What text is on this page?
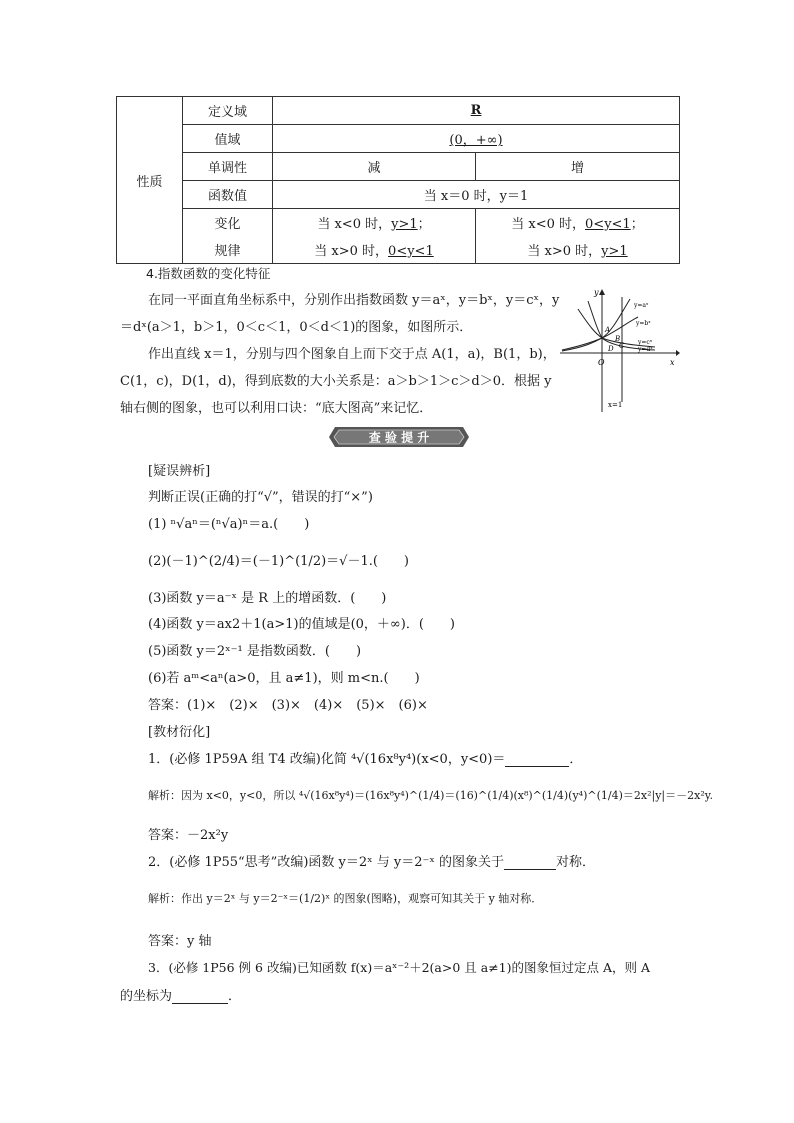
性质	定义域	R	
	值域	(0，+∞)	
	单调性	减	增
	函数值	当 x＝0 时，y＝1	
	变化	当 x<0 时，y>1；	当 x<0 时，0<y<1；
	规律	当 x>0 时，0<y<1	当 x>0 时，y>1
4.指数函数的变化特征
在同一平面直角坐标系中，分别作出指数函数 y＝aˣ，y＝bˣ，y＝cˣ，y＝dˣ(a＞1，b＞1，0＜c＜1，0＜d＜1)的图象，如图所示．
作出直线 x＝1，分别与四个图象自上而下交于点 A(1，a)，B(1，b)，C(1，c)，D(1，d)，得到底数的大小关系是：a＞b＞1＞c＞d＞0．根据 y 轴右侧的图象，也可以利用口诀：“底大图高”来记忆．
y
x
O
x=1
y=aˣ
y=bˣ
y=cˣ
y=dˣ
A
B
C
D
查 验 提 升
[疑误辨析]
判断正误(正确的打“√”，错误的打“×”)
(1) ⁿ√aⁿ＝(ⁿ√a)ⁿ＝a.(　　)
(2)(－1)^(2/4)＝(－1)^(1/2)＝√－1.(　　)
(3)函数 y＝a⁻ˣ 是 R 上的增函数．(　　)
(4)函数 y＝ax2＋1(a>1)的值域是(0，＋∞)．(　　)
(5)函数 y＝2ˣ⁻¹ 是指数函数．(　　)
(6)若 aᵐ<aⁿ(a>0，且 a≠1)，则 m<n.(　　)
答案：(1)×　(2)×　(3)×　(4)×　(5)×　(6)×
[教材衍化]
1．(必修 1P59A 组 T4 改编)化简 ⁴√(16x⁸y⁴)(x<0，y<0)＝	．
解析：因为 x<0，y<0，所以 ⁴√(16x⁸y⁴)＝(16x⁸y⁴)^(1/4)＝(16)^(1/4)(x⁸)^(1/4)(y⁴)^(1/4)＝2x²|y|＝－2x²y.
答案：－2x²y
2．(必修 1P55“思考”改编)函数 y＝2ˣ 与 y＝2⁻ˣ 的图象关于	对称．
解析：作出 y＝2ˣ 与 y＝2⁻ˣ＝(1/2)ˣ 的图象(图略)，观察可知其关于 y 轴对称．
答案：y 轴
3．(必修 1P56 例 6 改编)已知函数 f(x)＝aˣ⁻²＋2(a>0 且 a≠1)的图象恒过定点 A，则 A
的坐标为	．
